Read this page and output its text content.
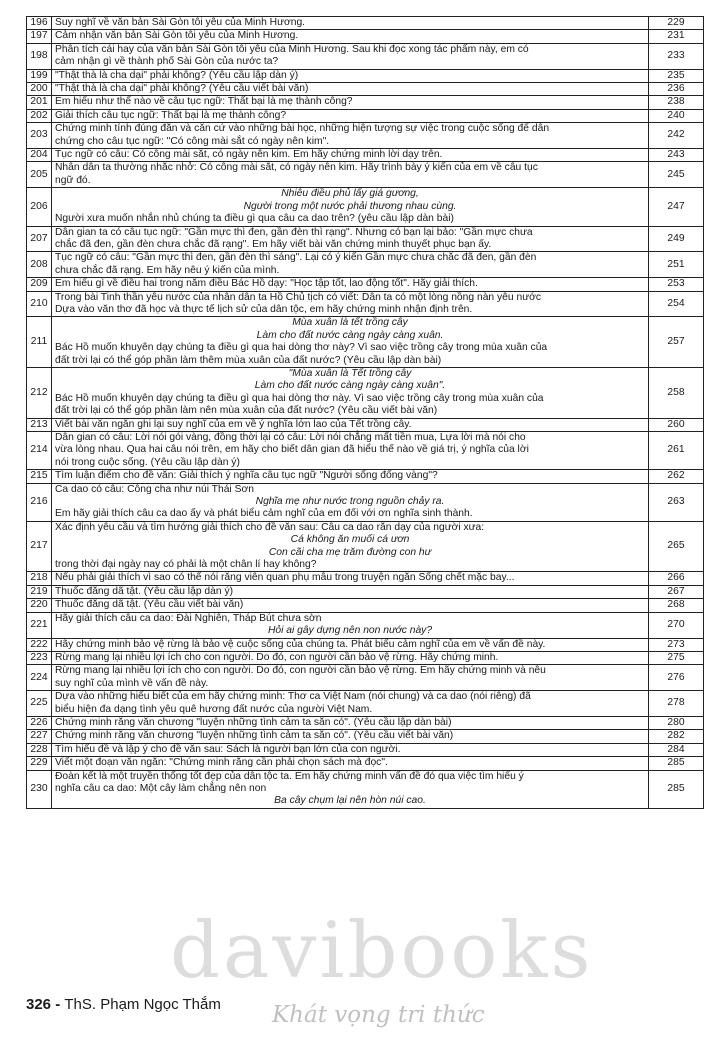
196	Suy nghĩ về văn bản Sài Gòn tôi yêu của Minh Hương.	229
197	Cảm nhận văn bản Sài Gòn tôi yêu của Minh Hương.	231
198	Phân tích cái hay của văn bản Sài Gòn tôi yêu của Minh Hương. Sau khi đọc xong tác phẩm này, em có
cảm nhận gì về thành phố Sài Gòn của nước ta?	233
199	"Thật thà là cha dại" phải không? (Yêu cầu lập dàn ý)	235
200	"Thật thà là cha dại" phải không? (Yêu cầu viết bài văn)	236
201	Em hiểu như thế nào về câu tục ngữ: Thất bại là mẹ thành công?	238
202	Giải thích câu tục ngữ: Thất bại là mẹ thành công?	240
203	Chứng minh tính đúng đắn và căn cứ vào những bài học, những hiện tượng sự việc trong cuộc sống để dẫn
chứng cho câu tục ngữ: "Có công mài sắt có ngày nên kim".	242
204	Tục ngữ có câu: Có công mài sắt, có ngày nên kim. Em hãy chứng minh lời dạy trên.	243
205	Nhân dân ta thường nhắc nhở: Có công mài sắt, có ngày nên kim. Hãy trình bày ý kiến của em về câu tục
ngữ đó.	245
206	Nhiễu điều phủ lấy giá gương,
Người trong một nước phải thương nhau cùng.
Người xưa muốn nhắn nhủ chúng ta điều gì qua câu ca dao trên? (yêu cầu lập dàn bài)	247
207	Dân gian ta có câu tục ngữ: "Gần mực thì đen, gần đèn thì rạng". Nhưng có bạn lại bảo: "Gần mực chưa
chắc đã đen, gần đèn chưa chắc đã rạng". Em hãy viết bài văn chứng minh thuyết phục bạn ấy.	249
208	Tục ngữ có câu: "Gần mực thì đen, gần đèn thì sáng". Lại có ý kiến Gần mực chưa chắc đã đen, gần đèn
chưa chắc đã rạng. Em hãy nêu ý kiến của mình.	251
209	Em hiểu gì về điều hai trong năm điều Bác Hồ dạy: "Học tập tốt, lao động tốt". Hãy giải thích.	253
210	Trong bài Tinh thần yêu nước của nhân dân ta Hồ Chủ tịch có viết: Dân ta có một lòng nồng nàn yêu nước
Dựa vào văn thơ đã học và thực tế lịch sử của dân tộc, em hãy chứng minh nhận định trên.	254
211	Mùa xuân là tết trồng cây
Làm cho đất nước càng ngày càng xuân.
Bác Hồ muốn khuyên dạy chúng ta điều gì qua hai dòng thơ này? Vì sao việc trồng cây trong mùa xuân của
đất trời lại có thể góp phần làm thêm mùa xuân của đất nước? (Yêu cầu lập dàn bài)	257
212	"Mùa xuân là Tết trồng cây
Làm cho đất nước càng ngày càng xuân".
Bác Hồ muốn khuyên dạy chúng ta điều gì qua hai dòng thơ này. Vì sao việc trồng cây trong mùa xuân của
đất trời lại có thể góp phần làm nên mùa xuân của đất nước? (Yêu cầu viết bài văn)	258
213	Viết bài văn ngắn ghi lại suy nghĩ của em về ý nghĩa lớn lao của Tết trồng cây.	260
214	Dân gian có câu: Lời nói gói vàng, đồng thời lại có câu: Lời nói chẳng mất tiền mua, Lựa lời mà nói cho
vừa lòng nhau. Qua hai câu nói trên, em hãy cho biết dân gian đã hiểu thế nào về giá trị, ý nghĩa của lời
nói trong cuộc sống. (Yêu cầu lập dàn ý)	261
215	Tìm luận điểm cho đề văn: Giải thích ý nghĩa câu tục ngữ "Người sống đống vàng"?	262
216	Ca dao có câu: Công cha như núi Thái Sơn
Nghĩa mẹ như nước trong nguồn chảy ra.
Em hãy giải thích câu ca dao ấy và phát biểu cảm nghĩ của em đối với ơn nghĩa sinh thành.	263
217	Xác định yêu cầu và tìm hướng giải thích cho đề văn sau: Câu ca dao rằn dạy của người xưa:
Cá không ăn muối cá ươn
Con cãi cha mẹ trăm đường con hư
trong thời đại ngày nay có phải là một chân lí hay không?	265
218	Nếu phải giải thích vì sao có thể nói răng viên quan phụ mẫu trong truyện ngắn Sống chết mặc bay...	266
219	Thuốc đắng dã tật. (Yêu cầu lập dàn ý)	267
220	Thuốc đắng dã tật. (Yêu cầu viết bài văn)	268
221	Hãy giải thích câu ca dao: Đài Nghiên, Tháp Bút chưa sờn
Hỏi ai gây dựng nên non nước này?	270
222	Hãy chứng minh bảo vệ rừng là bảo vệ cuộc sống của chúng ta. Phát biểu cảm nghĩ của em về vấn đề này.	273
223	Rừng mang lại nhiều lợi ích cho con người. Do đó, con người cần bảo vệ rừng. Hãy chứng minh.	275
224	Rừng mang lại nhiều lợi ích cho con người. Do đó, con người cần bảo vệ rừng. Em hãy chứng minh và nêu
suy nghĩ của mình về vấn đề này.	276
225	Dựa vào những hiểu biết của em hãy chứng minh: Thơ ca Việt Nam (nói chung) và ca dao (nói riêng) đã
biểu hiện đa dạng tình yêu quê hương đất nước của người Việt Nam.	278
226	Chứng minh rằng văn chương "luyện những tình cảm ta sẵn có". (Yêu cầu lập dàn bài)	280
227	Chứng minh rằng văn chương "luyện những tình cảm ta sẵn có". (Yêu cầu viết bài văn)	282
228	Tìm hiểu đề và lập ý cho đề văn sau: Sách là người bạn lớn của con người.	284
229	Viết một đoạn văn ngắn: "Chứng minh rằng cần phải chọn sách mà đọc".	285
230	Đoàn kết là một truyền thống tốt đẹp của dân tộc ta. Em hãy chứng minh vấn đề đó qua việc tìm hiểu ý
nghĩa câu ca dao: Một cây làm chẳng nên non
Ba cây chụm lại nên hòn núi cao.	285
326 - ThS. Phạm Ngọc Thắm
davibooks
Khát vọng tri thức
